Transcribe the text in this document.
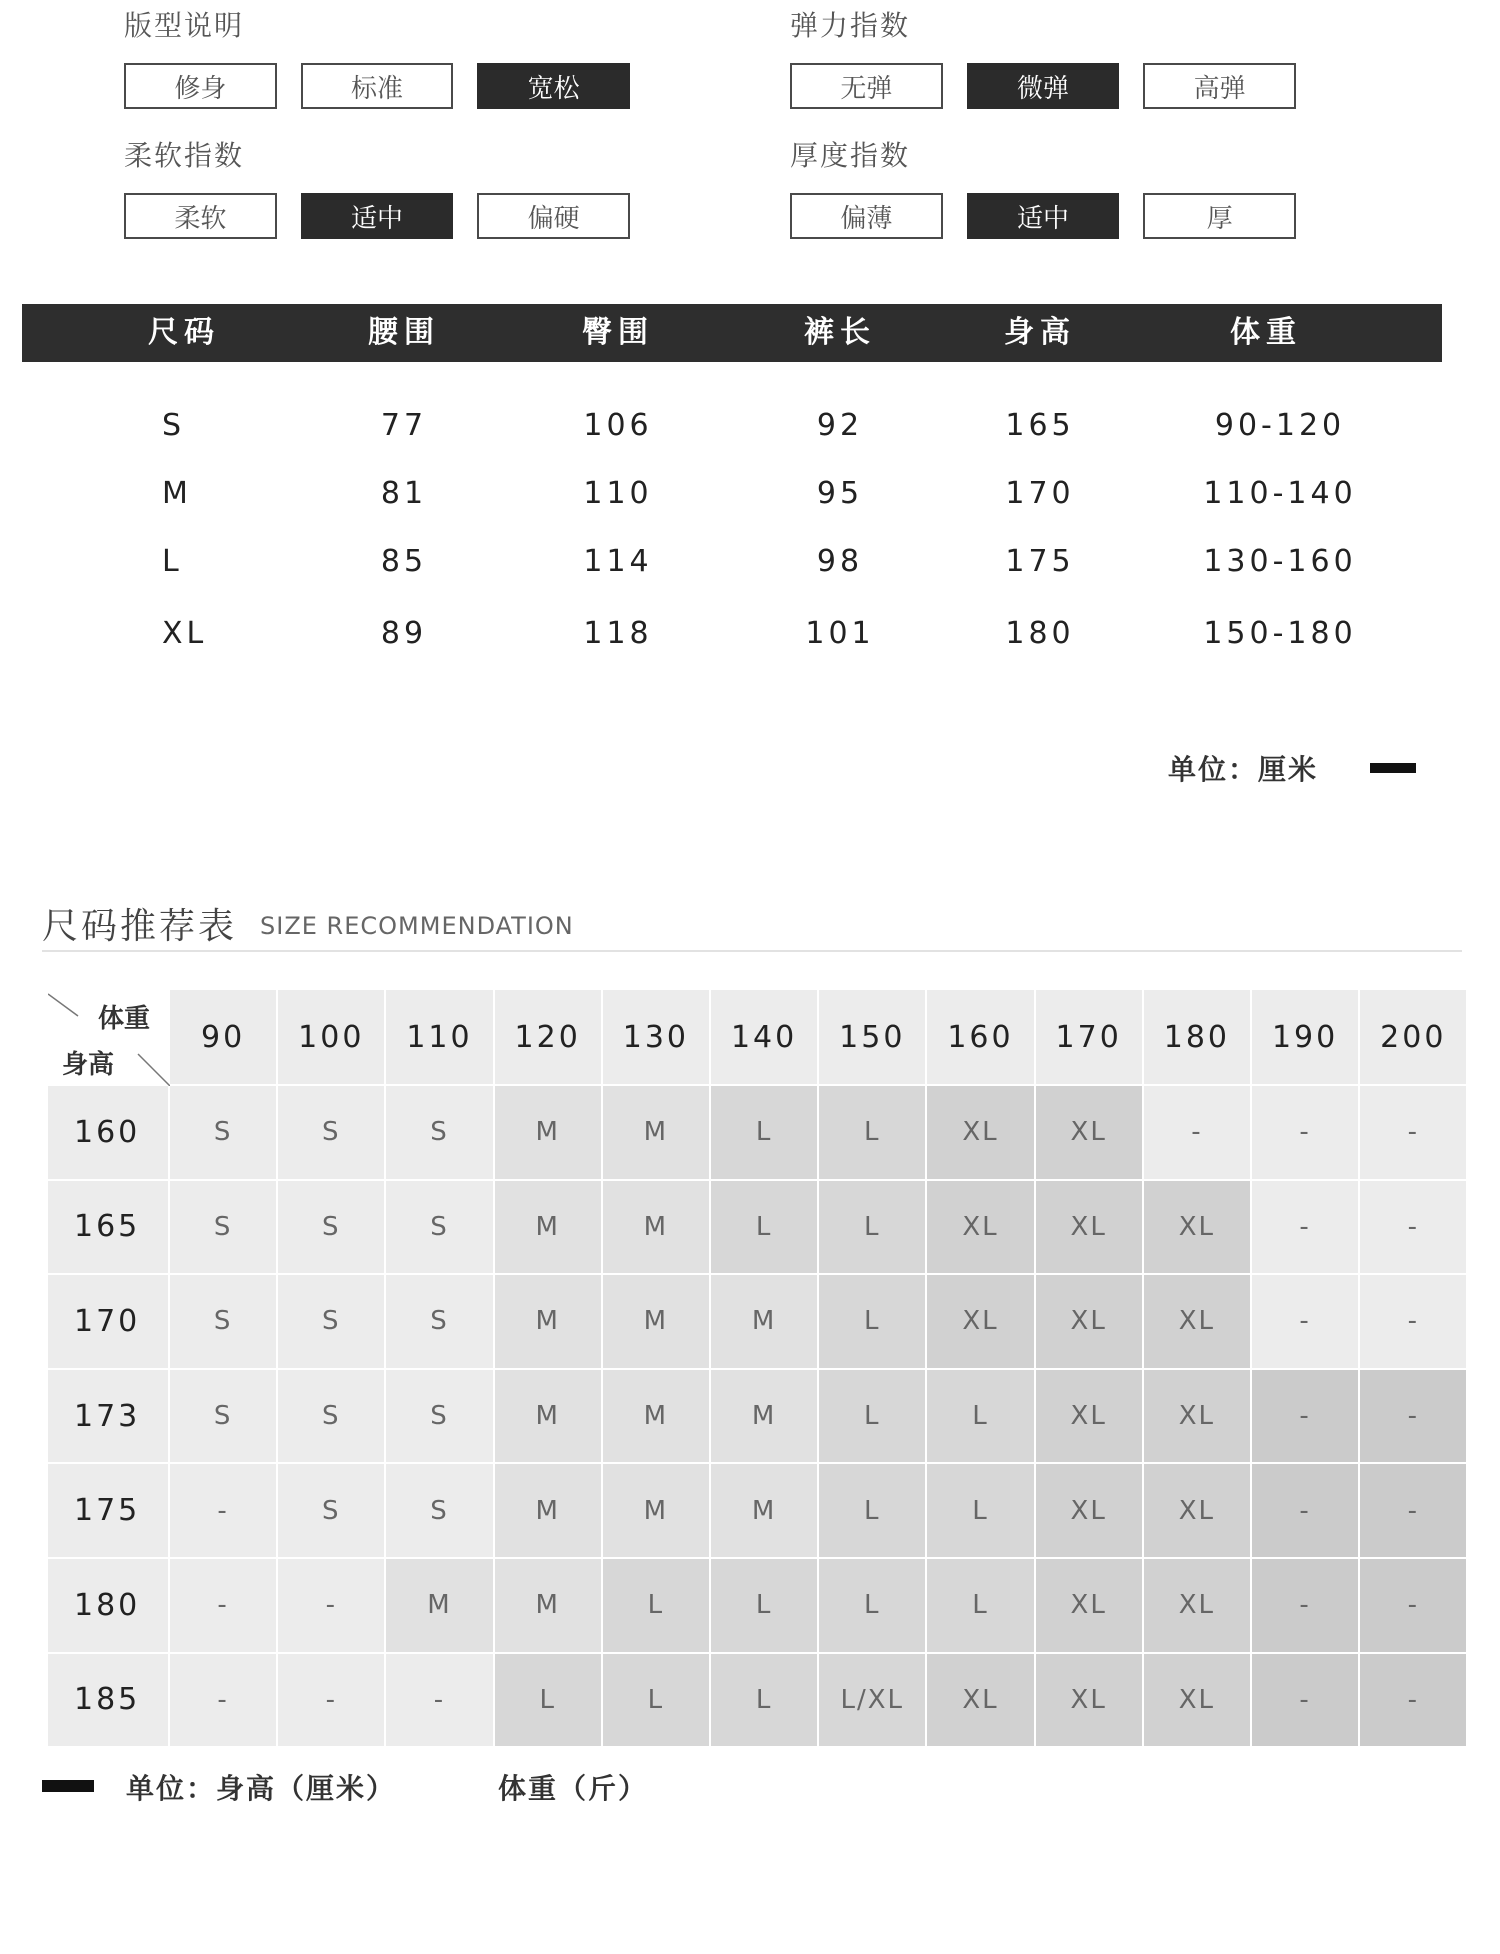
版型说明
修身	标准	宽松
弹力指数
无弹	微弹	高弹
柔软指数
柔软	适中	偏硬
厚度指数
偏薄	适中	厚
尺码	腰围	臀围	裤长	身高	体重
S	77	106	92	165	90-120
M	81	110	95	170	110-140
L	85	114	98	175	130-160
XL	89	118	101	180	150-180
单位：厘米
尺码推荐表 SIZE RECOMMENDATION
体重
身高
90	100	110	120	130	140	150	160	170	180	190	200
160	S	S	S	M	M	L	L	XL	XL	-	-	-
165	S	S	S	M	M	L	L	XL	XL	XL	-	-
170	S	S	S	M	M	M	L	XL	XL	XL	-	-
173	S	S	S	M	M	M	L	L	XL	XL	-	-
175	-	S	S	M	M	M	L	L	XL	XL	-	-
180	-	-	M	M	L	L	L	L	XL	XL	-	-
185	-	-	-	L	L	L	L/XL	XL	XL	XL	-	-
单位：身高（厘米）	体重（斤）
